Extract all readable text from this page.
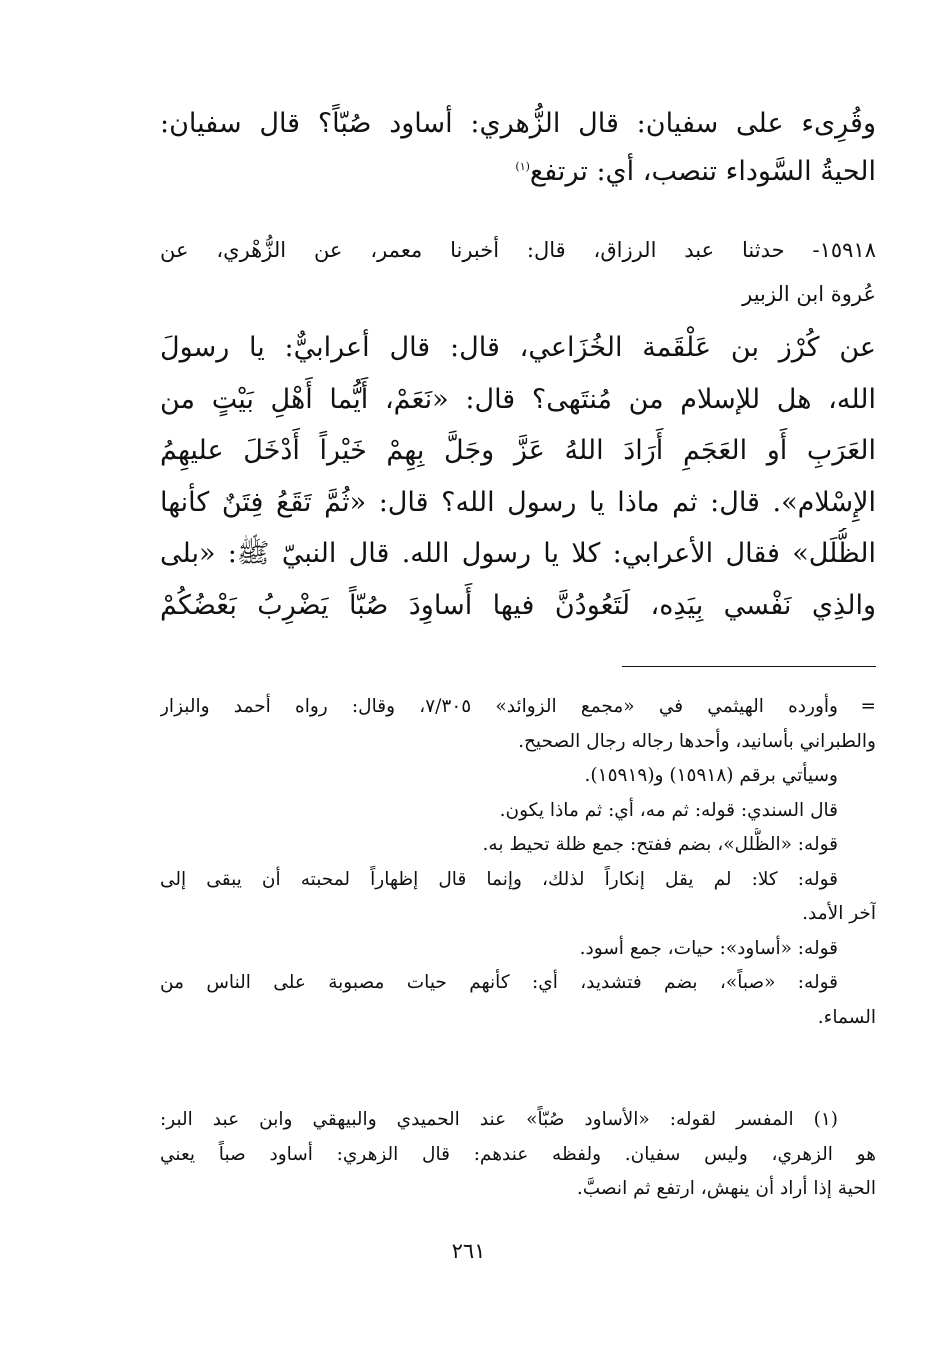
وقُرِىء على سفيان: قال الزُّهري: أساود صُبّاً؟ قال سفيان:
الحيةُ السَّوداء تنصب، أي: ترتفع$^{(١)}$
١٥٩١٨- حدثنا عبد الرزاق، قال: أخبرنا معمر، عن الزُّهْري، عن
عُروة ابن الزبير
عن كُرْز بن عَلْقَمة الخُزَاعي، قال: قال أعرابيٌّ: يا رسولَ
الله، هل للإسلام من مُنتَهى؟ قال: «نَعَمْ، أَيُّما أَهْلِ بَيْتٍ من
العَرَبِ أَو العَجَمِ أَرَادَ اللهُ عَزَّ وجَلَّ بِهِمْ خَيْراً أَدْخَلَ عليهِمُ
الإِسْلام». قال: ثم ماذا يا رسول الله؟ قال: «ثُمَّ تَقَعُ فِتَنٌ كأنها
الظُّلَل» فقال الأعرابي: كلا يا رسول الله. قال النبيّ ﷺ: «بلى
والذِي نَفْسي بِيَدِه، لَتَعُودُنَّ فيها أَساوِدَ صُبّاً يَضْرِبُ بَعْضُكُمْ
وأورده الهيثمي في «مجمع الزوائد» ٧/٣٠٥، وقال: رواه أحمد والبزار	=
والطبراني بأسانيد، وأحدها رجاله رجال الصحيح.
وسيأتي برقم (١٥٩١٨) و(١٥٩١٩).
قال السندي: قوله: ثم مه، أي: ثم ماذا يكون.
قوله: «الظُّلل»، بضم ففتح: جمع ظلة تحيط به.
قوله: كلا: لم يقل إنكاراً لذلك، وإنما قال إظهاراً لمحبته أن يبقى إلى
آخر الأمد.
قوله: «أساود»: حيات، جمع أسود.
قوله: «صباً»، بضم فتشديد، أي: كأنهم حيات مصبوبة على الناس من
السماء.
(١) المفسر لقوله: «الأساود صُبّاً» عند الحميدي والبيهقي وابن عبد البر:
هو الزهري، وليس سفيان. ولفظه عندهم: قال الزهري: أساود صباً يعني
الحية إذا أراد أن ينهش، ارتفع ثم انصبَّ.
٢٦١
